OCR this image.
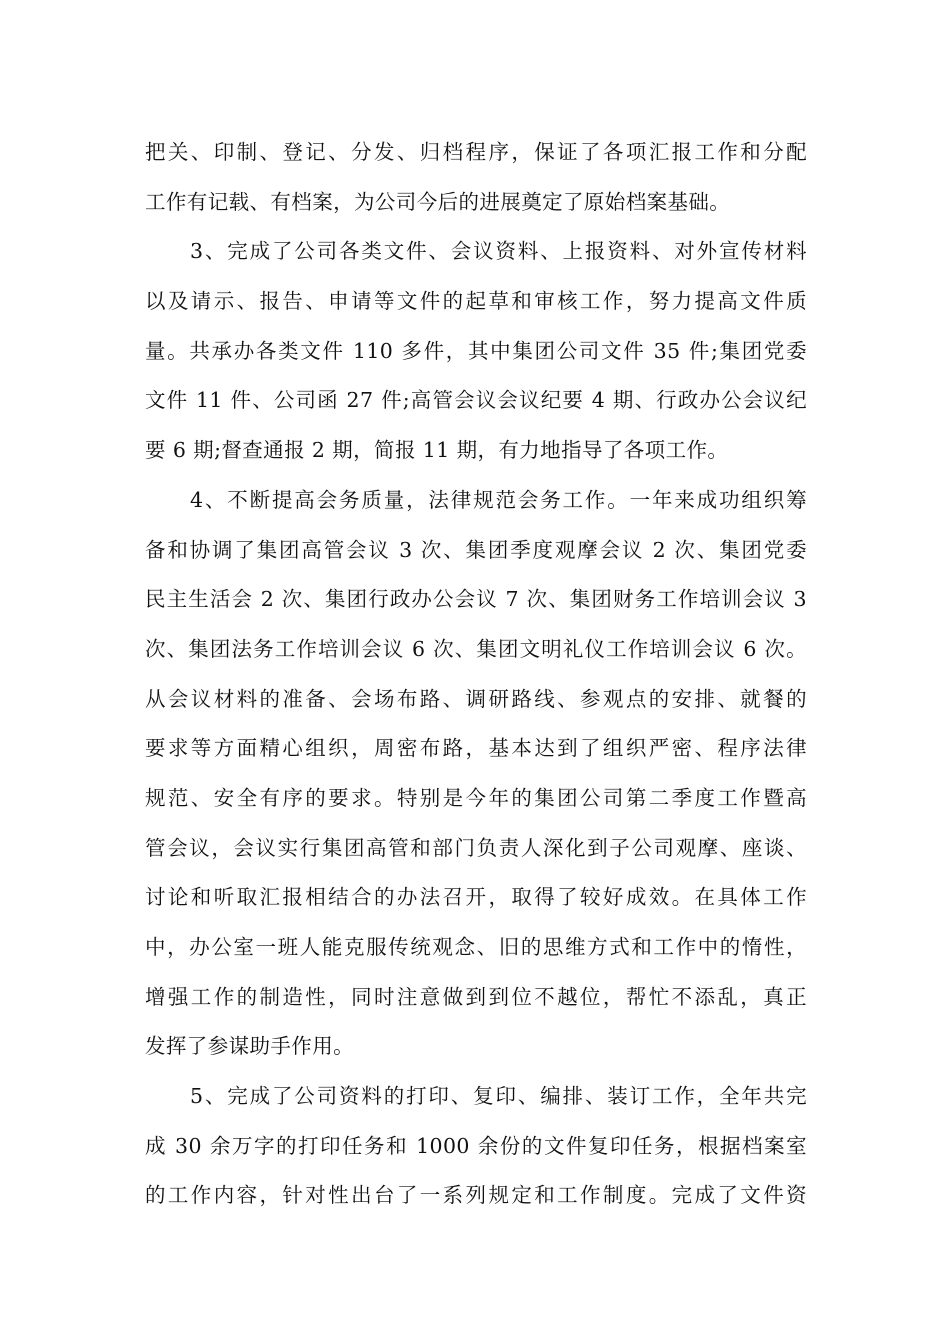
把关、印制、登记、分发、归档程序，保证了各项汇报工作和分配
工作有记载、有档案，为公司今后的进展奠定了原始档案基础。
3、完成了公司各类文件、会议资料、上报资料、对外宣传材料
以及请示、报告、申请等文件的起草和审核工作，努力提高文件质
量。共承办各类文件 110 多件，其中集团公司文件 35 件;集团党委
文件 11 件、公司函 27 件;高管会议会议纪要 4 期、行政办公会议纪
要 6 期;督查通报 2 期，简报 11 期，有力地指导了各项工作。
4、不断提高会务质量，法律规范会务工作。一年来成功组织筹
备和协调了集团高管会议 3 次、集团季度观摩会议 2 次、集团党委
民主生活会 2 次、集团行政办公会议 7 次、集团财务工作培训会议 3
次、集团法务工作培训会议 6 次、集团文明礼仪工作培训会议 6 次。
从会议材料的准备、会场布路、调研路线、参观点的安排、就餐的
要求等方面精心组织，周密布路，基本达到了组织严密、程序法律
规范、安全有序的要求。特别是今年的集团公司第二季度工作暨高
管会议，会议实行集团高管和部门负责人深化到子公司观摩、座谈、
讨论和听取汇报相结合的办法召开，取得了较好成效。在具体工作
中，办公室一班人能克服传统观念、旧的思维方式和工作中的惰性，
增强工作的制造性，同时注意做到到位不越位，帮忙不添乱，真正
发挥了参谋助手作用。
5、完成了公司资料的打印、复印、编排、装订工作，全年共完
成 30 余万字的打印任务和 1000 余份的文件复印任务，根据档案室
的工作内容，针对性出台了一系列规定和工作制度。完成了文件资
